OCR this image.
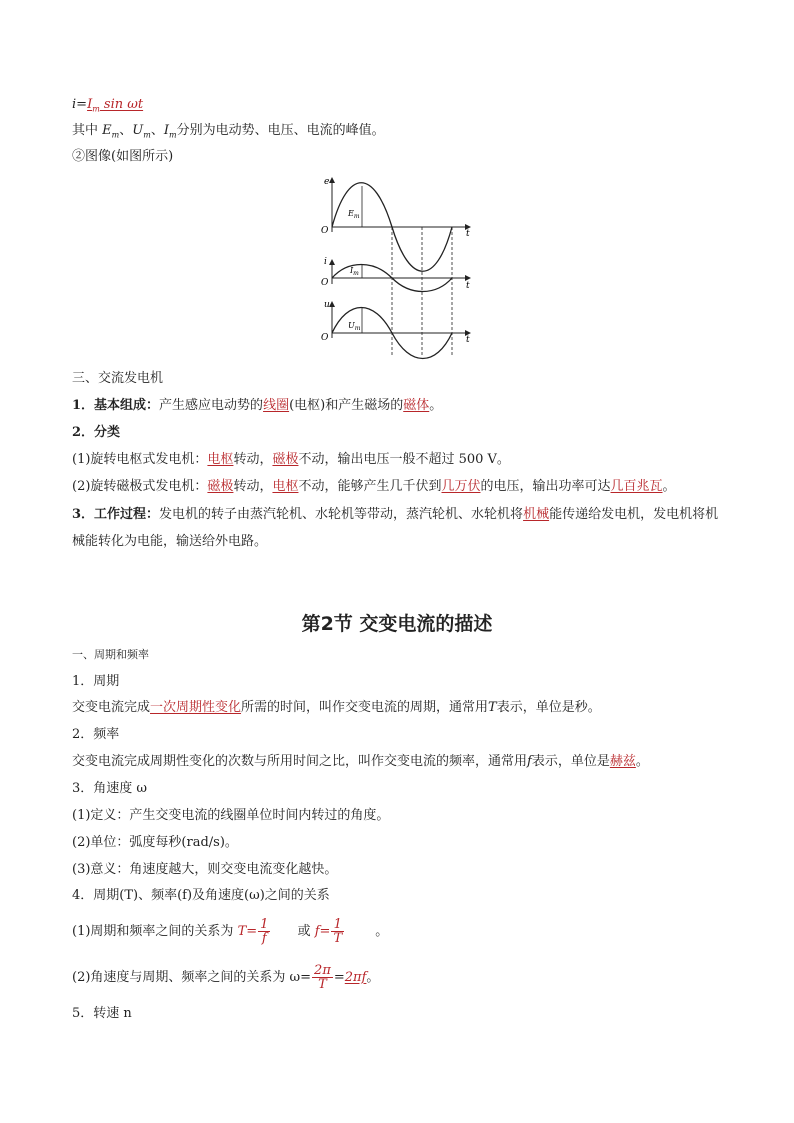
$i=I_m$ sin ωt
其中 $E_m$、$U_m$、$I_m$分别为电动势、电压、电流的峰值。
②图像(如图所示)
e
O	t
$E_m$
i
O	t
$I_m$
u
O	t
$U_m$
三、交流发电机
1．基本组成：产生感应电动势的线圈(电枢)和产生磁场的磁体。
2．分类
(1)旋转电枢式发电机：电枢转动，磁极不动，输出电压一般不超过 500 V。
(2)旋转磁极式发电机：磁极转动，电枢不动，能够产生几千伏到几万伏的电压，输出功率可达几百兆瓦。
3．工作过程：发电机的转子由蒸汽轮机、水轮机等带动，蒸汽轮机、水轮机将机械能传递给发电机，发电机将机械能转化为电能，输送给外电路。
第2节 交变电流的描述
一、周期和频率
1．周期
交变电流完成一次周期性变化所需的时间，叫作交变电流的周期，通常用T表示，单位是秒。
2．频率
交变电流完成周期性变化的次数与所用时间之比，叫作交变电流的频率，通常用f表示，单位是赫兹。
3．角速度 ω
(1)定义：产生交变电流的线圈单位时间内转过的角度。
(2)单位：弧度每秒(rad/s)。
(3)意义：角速度越大，则交变电流变化越快。
4．周期(T)、频率(f)及角速度(ω)之间的关系
(1)周期和频率之间的关系为 $T= \frac{1}{f}$ 或 $f= \frac{1}{T}$ 。
(2)角速度与周期、频率之间的关系为 $\omega= \frac{2\pi}{T} =2\pi f$。
5．转速 n
